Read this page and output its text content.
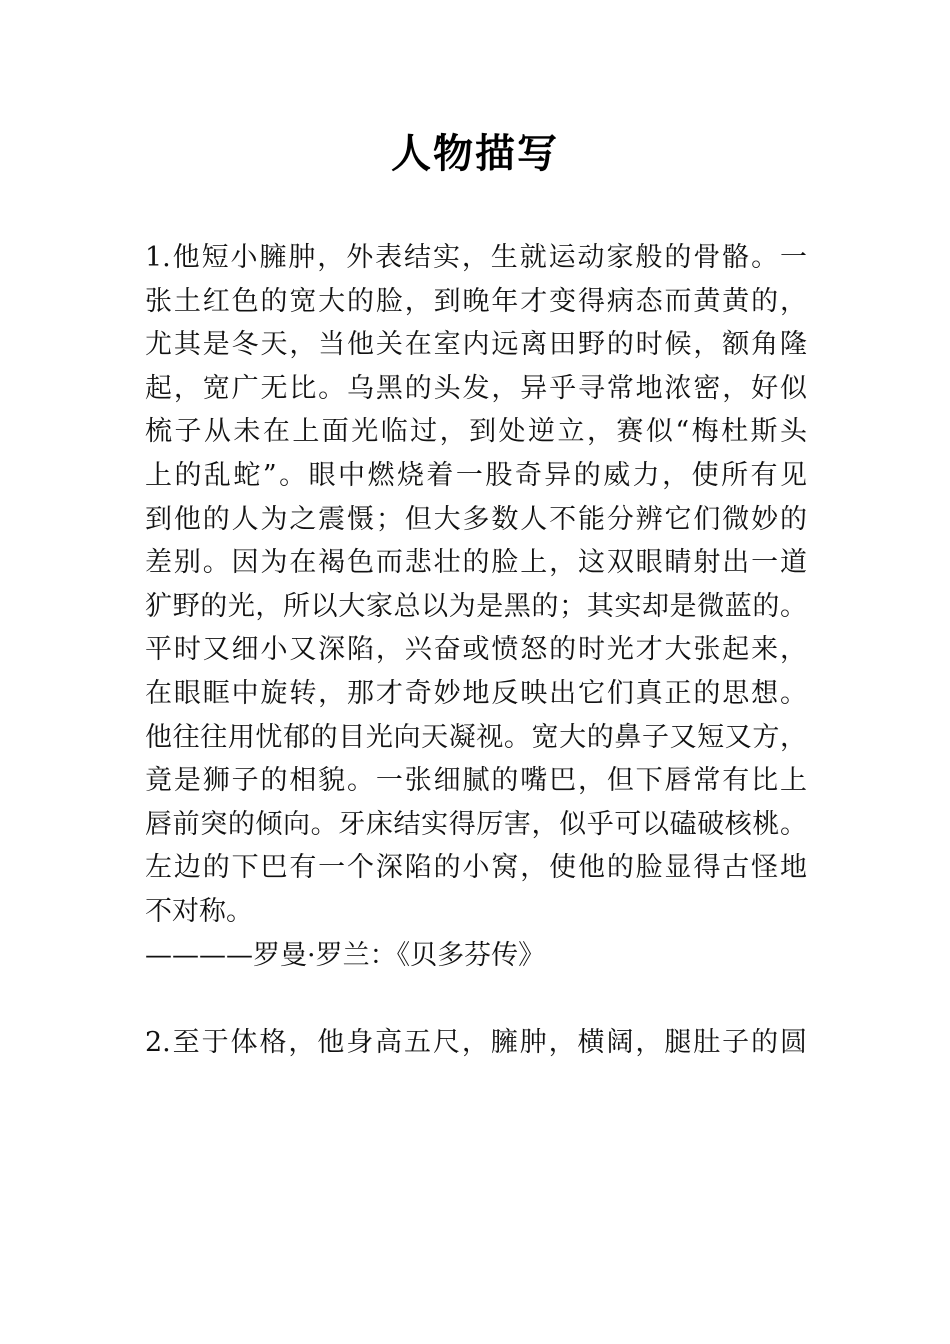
人物描写
1.他短小臃肿，外表结实，生就运动家般的骨骼。一
张土红色的宽大的脸，到晚年才变得病态而黄黄的，
尤其是冬天，当他关在室内远离田野的时候，额角隆
起，宽广无比。乌黑的头发，异乎寻常地浓密，好似
梳子从未在上面光临过，到处逆立，赛似“梅杜斯头
上的乱蛇”。眼中燃烧着一股奇异的威力，使所有见
到他的人为之震慑；但大多数人不能分辨它们微妙的
差别。因为在褐色而悲壮的脸上，这双眼睛射出一道
犷野的光，所以大家总以为是黑的；其实却是微蓝的。
平时又细小又深陷，兴奋或愤怒的时光才大张起来，
在眼眶中旋转，那才奇妙地反映出它们真正的思想。
他往往用忧郁的目光向天凝视。宽大的鼻子又短又方，
竟是狮子的相貌。一张细腻的嘴巴，但下唇常有比上
唇前突的倾向。牙床结实得厉害，似乎可以磕破核桃。
左边的下巴有一个深陷的小窝，使他的脸显得古怪地
不对称。
————罗曼·罗兰：《贝多芬传》
2.至于体格，他身高五尺，臃肿，横阔，腿肚子的圆
